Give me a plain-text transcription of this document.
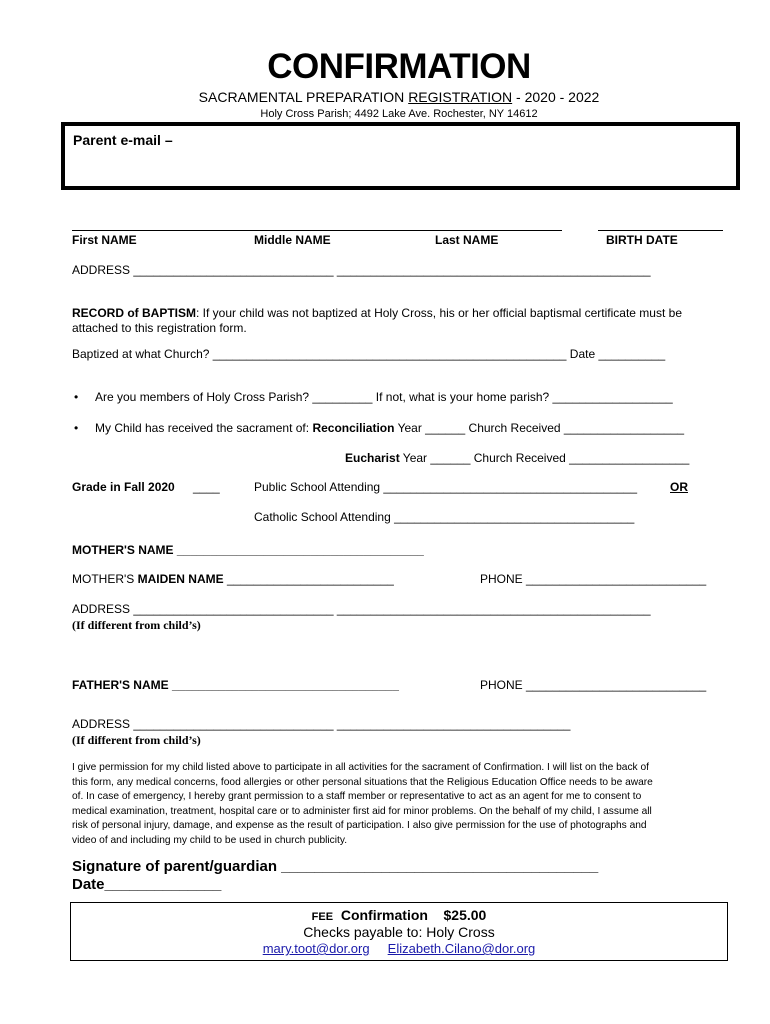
CONFIRMATION
SACRAMENTAL PREPARATION REGISTRATION - 2020 - 2022
Holy Cross Parish; 4492 Lake Ave. Rochester, NY 14612
Parent e-mail –
First NAME	Middle NAME	Last NAME	BIRTH DATE
ADDRESS ______________________________ _______________________________________________
RECORD of BAPTISM: If your child was not baptized at Holy Cross, his or her official baptismal certificate must be
attached to this registration form.
Baptized at what Church? _____________________________________________________ Date __________
• Are you members of Holy Cross Parish? _________ If not, what is your home parish? __________________
• My Child has received the sacrament of: Reconciliation Year ______ Church Received __________________
Eucharist Year ______ Church Received __________________
Grade in Fall 2020 ____	Public School Attending ______________________________________	OR
Catholic School Attending ____________________________________
MOTHER'S NAME _____________________________________
MOTHER'S MAIDEN NAME _________________________	PHONE ___________________________
ADDRESS ______________________________ _______________________________________________
(If different from child’s)
FATHER'S NAME __________________________________	PHONE ___________________________
ADDRESS ______________________________ ___________________________________
(If different from child’s)
I give permission for my child listed above to participate in all activities for the sacrament of Confirmation. I will list on the back of
this form, any medical concerns, food allergies or other personal situations that the Religious Education Office needs to be aware
of. In case of emergency, I hereby grant permission to a staff member or representative to act as an agent for me to consent to
medical examination, treatment, hospital care or to administer first aid for minor problems. On the behalf of my child, I assume all
risk of personal injury, damage, and expense as the result of participation. I also give permission for the use of photographs and
video of and including my child to be used in church publicity.
Signature of parent/guardian ______________________________________
Date______________
FEE Confirmation $25.00
Checks payable to: Holy Cross
mary.toot@dor.org Elizabeth.Cilano@dor.org
